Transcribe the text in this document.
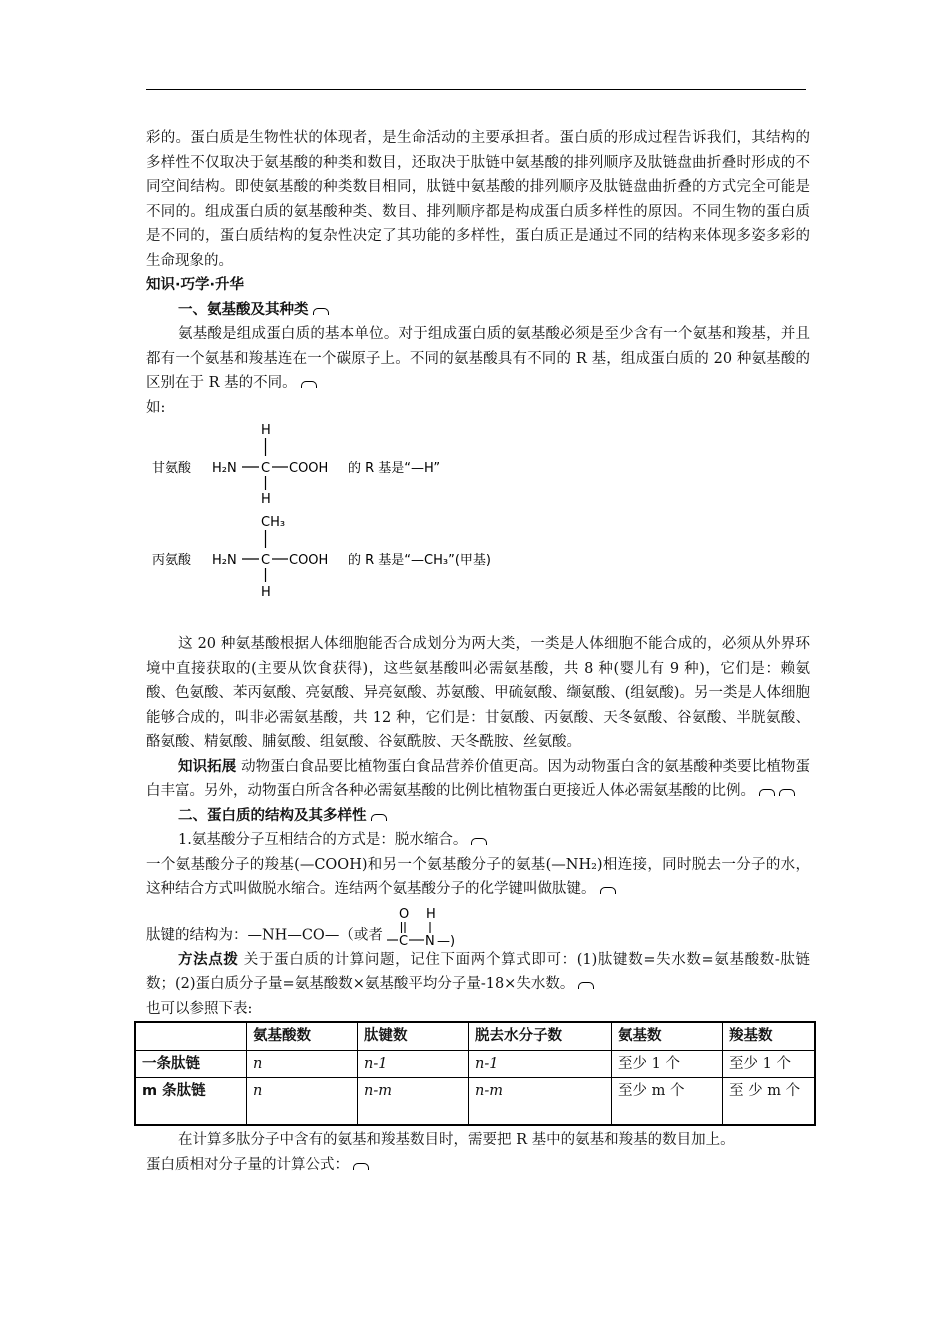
彩的。蛋白质是生物性状的体现者，是生命活动的主要承担者。蛋白质的形成过程告诉我们，其结构的多样性不仅取决于氨基酸的种类和数目，还取决于肽链中氨基酸的排列顺序及肽链盘曲折叠时形成的不同空间结构。即使氨基酸的种类数目相同，肽链中氨基酸的排列顺序及肽链盘曲折叠的方式完全可能是不同的。组成蛋白质的氨基酸种类、数目、排列顺序都是构成蛋白质多样性的原因。不同生物的蛋白质是不同的，蛋白质结构的复杂性决定了其功能的多样性，蛋白质正是通过不同的结构来体现多姿多彩的生命现象的。

知识·巧学·升华

一、氨基酸及其种类

氨基酸是组成蛋白质的基本单位。对于组成蛋白质的氨基酸必须是至少含有一个氨基和羧基，并且都有一个氨基和羧基连在一个碳原子上。不同的氨基酸具有不同的 R 基，组成蛋白质的 20 种氨基酸的区别在于 R 基的不同。

如:

甘氨酸 H₂N C COOH
H
H
的 R 基是“—H”
丙氨酸 H₂N C COOH
CH₃
H
的 R 基是“—CH₃”(甲基)

这 20 种氨基酸根据人体细胞能否合成划分为两大类，一类是人体细胞不能合成的，必须从外界环境中直接获取的(主要从饮食获得)，这些氨基酸叫必需氨基酸，共 8 种(婴儿有 9 种)，它们是：赖氨酸、色氨酸、苯丙氨酸、亮氨酸、异亮氨酸、苏氨酸、甲硫氨酸、缬氨酸、(组氨酸)。另一类是人体细胞能够合成的，叫非必需氨基酸，共 12 种，它们是：甘氨酸、丙氨酸、天冬氨酸、谷氨酸、半胱氨酸、酪氨酸、精氨酸、脯氨酸、组氨酸、谷氨酰胺、天冬酰胺、丝氨酸。

知识拓展 动物蛋白食品要比植物蛋白食品营养价值更高。因为动物蛋白含的氨基酸种类要比植物蛋白丰富。另外，动物蛋白所含各种必需氨基酸的比例比植物蛋白更接近人体必需氨基酸的比例。

二、蛋白质的结构及其多样性

1.氨基酸分子互相结合的方式是：脱水缩合。

一个氨基酸分子的羧基(—COOH)和另一个氨基酸分子的氨基(—NH₂)相连接，同时脱去一分子的水，这种结合方式叫做脱水缩合。连结两个氨基酸分子的化学键叫做肽键。

肽键的结构为：—NH—CO—（或者
O H
C N —)

方法点拨 关于蛋白质的计算问题，记住下面两个算式即可：(1)肽键数=失水数=氨基酸数-肽链数；(2)蛋白质分子量=氨基酸数×氨基酸平均分子量-18×失水数。

也可以参照下表:

	氨基酸数	肽键数	脱去水分子数	氨基数	羧基数
一条肽链	n	n-1	n-1	至少 1 个	至少 1 个
m 条肽链	n	n-m	n-m	至少 m 个	至 少 m 个

在计算多肽分子中含有的氨基和羧基数目时，需要把 R 基中的氨基和羧基的数目加上。

蛋白质相对分子量的计算公式：
